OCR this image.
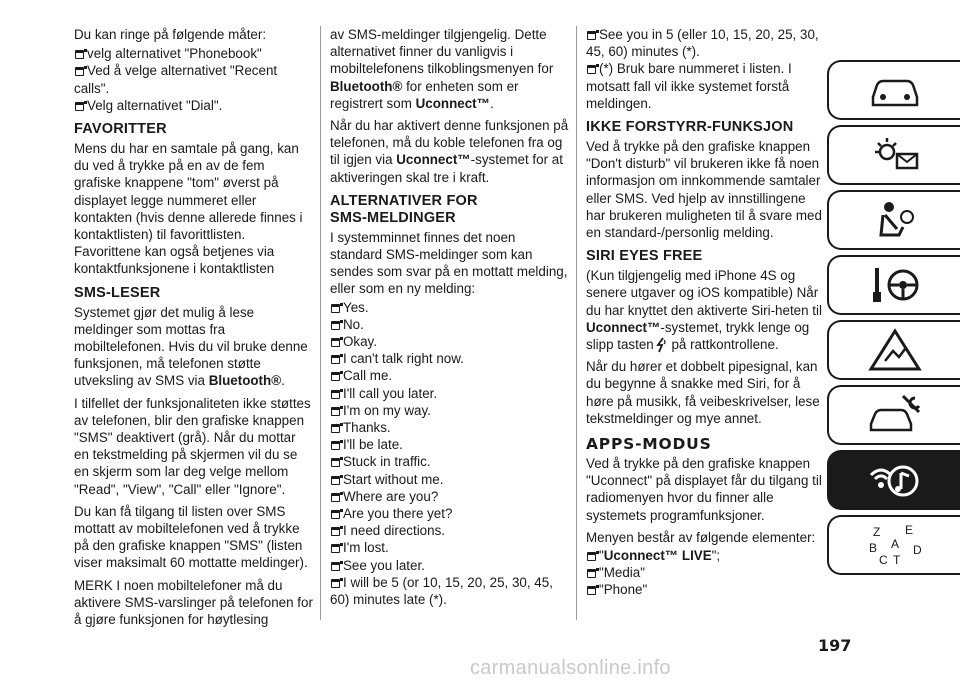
Du kan ringe på følgende måter:

velg alternativet "Phonebook"
Ved å velge alternativet "Recent
calls".
Velg alternativet "Dial".
FAVORITTER

Mens du har en samtale på gang, kan du ved å trykke på en av de fem grafiske knappene "tom" øverst på displayet legge nummeret eller kontakten (hvis denne allerede finnes i kontaktlisten) til favorittlisten. Favorittene kan også betjenes via kontaktfunksjonene i kontaktlisten

SMS-LESER

Systemet gjør det mulig å lese meldinger som mottas fra mobiltelefonen. Hvis du vil bruke denne funksjonen, må telefonen støtte utveksling av SMS via Bluetooth®.

I tilfellet der funksjonaliteten ikke støttes av telefonen, blir den grafiske knappen "SMS" deaktivert (grå). Når du mottar en tekstmelding på skjermen vil du se en skjerm som lar deg velge mellom "Read", "View", "Call" eller "Ignore".

Du kan få tilgang til listen over SMS mottatt av mobiltelefonen ved å trykke på den grafiske knappen "SMS" (listen viser maksimalt 60 mottatte meldinger).

MERK I noen mobiltelefoner må du aktivere SMS-varslinger på telefonen for å gjøre funksjonen for høytlesing

av SMS-meldinger tilgjengelig. Dette alternativet finner du vanligvis i mobiltelefonens tilkoblingsmenyen for Bluetooth® for enheten som er registrert som Uconnect™.

Når du har aktivert denne funksjonen på telefonen, må du koble telefonen fra og til igjen via Uconnect™-systemet for at aktiveringen skal tre i kraft.

ALTERNATIVER FOR SMS-MELDINGER

I systemminnet finnes det noen standard SMS-meldinger som kan sendes som svar på en mottatt melding, eller som en ny melding:

Yes.
No.
Okay.
I can't talk right now.
Call me.
I'll call you later.
I'm on my way.
Thanks.
I'll be late.
Stuck in traffic.
Start without me.
Where are you?
Are you there yet?
I need directions.
I'm lost.
See you later.
I will be 5 (or 10, 15, 20, 25, 30, 45, 60) minutes late (*).
See you in 5 (eller 10, 15, 20, 25, 30, 45, 60) minutes (*).
(*) Bruk bare nummeret i listen. I motsatt fall vil ikke systemet forstå meldingen.
IKKE FORSTYRR-FUNKSJON

Ved å trykke på den grafiske knappen "Don't disturb" vil brukeren ikke få noen informasjon om innkommende samtaler eller SMS. Ved hjelp av innstillingene har brukeren muligheten til å svare med en standard-/personlig melding.

SIRI EYES FREE

(Kun tilgjengelig med iPhone 4S og senere utgaver og iOS kompatible) Når du har knyttet den aktiverte Siri-heten til Uconnect™-systemet, trykk lenge og slipp tasten på rattkontrollene.

Når du hører et dobbelt pipesignal, kan du begynne å snakke med Siri, for å høre på musikk, få veibeskrivelser, lese tekstmeldinger og mye annet.

APPS-MODUS

Ved å trykke på den grafiske knappen "Uconnect" på displayet får du tilgang til radiomenyen hvor du finner alle systemets programfunksjoner.

Menyen består av følgende elementer:

"Uconnect™ LIVE";
"Media"
"Phone"
Z E
A
B
C T
D
197
carmanualsonline.info
